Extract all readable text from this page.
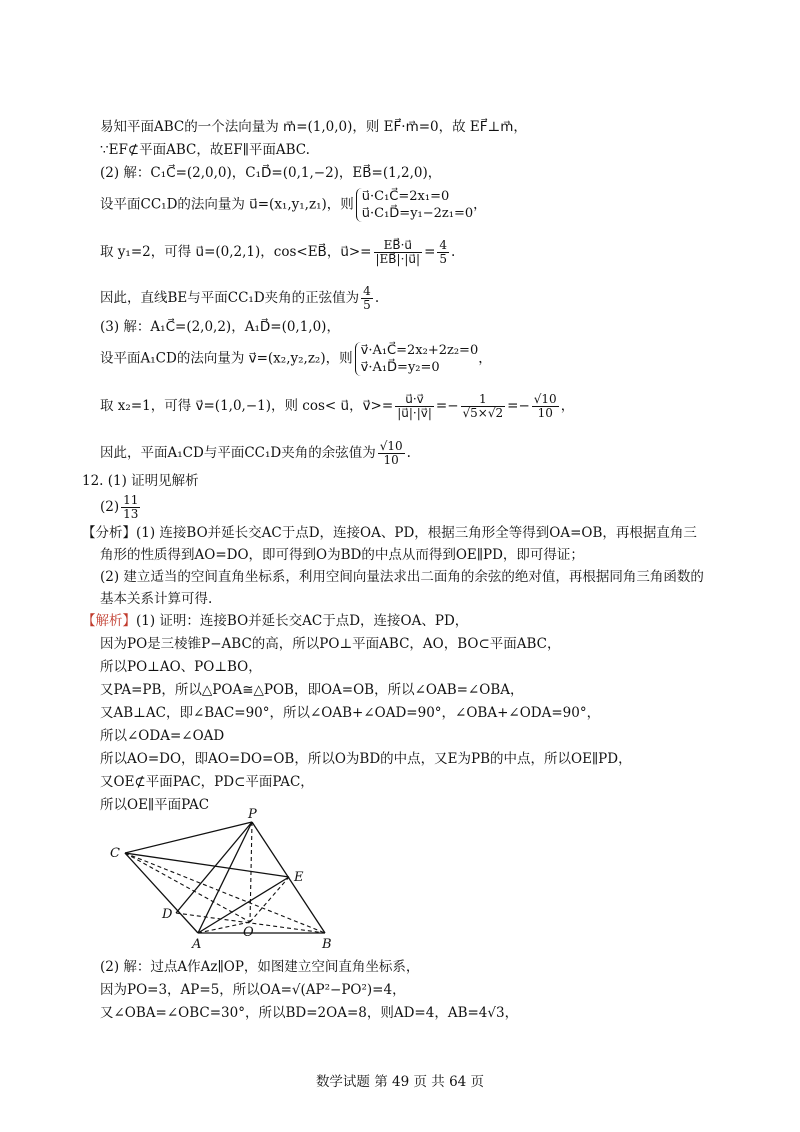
易知平面ABC的一个法向量为 m⃗=(1,0,0)，则 EF⃗·m⃗=0，故 EF⃗⊥m⃗，
∵EF⊄平面ABC，故EF∥平面ABC.
(2) 解：C₁C⃗=(2,0,0)，C₁D⃗=(0,1,−2)，EB⃗=(1,2,0)，
设平面CC₁D的法向量为 u⃗=(x₁,y₁,z₁)，则 u⃗·C₁C⃗=2x₁=0
u⃗·C₁D⃗=y₁−2z₁=0
，
取 y₁=2，可得 u⃗=(0,2,1)，cos<EB⃗，u⃗>= $\frac{EB⃗\cdot u⃗}{|EB⃗|\cdot|u⃗|} = \frac{4}{5}$ .
因此，直线BE与平面CC₁D夹角的正弦值为 $\frac{4}{5}$ .
(3) 解：A₁C⃗=(2,0,2)，A₁D⃗=(0,1,0)，
设平面A₁CD的法向量为 v⃗=(x₂,y₂,z₂)，则 v⃗·A₁C⃗=2x₂+2z₂=0
v⃗·A₁D⃗=y₂=0
，
取 x₂=1，可得 v⃗=(1,0,−1)，则 cos< u⃗，v⃗>= $\frac{u⃗\cdot v⃗}{|u⃗|\cdot|v⃗|} =- \frac{1}{√5\times√2} =- \frac{√10}{10}$ ，
因此，平面A₁CD与平面CC₁D夹角的余弦值为 $\frac{√10}{10}$ .
12. (1) 证明见解析
$(2) \frac{11}{13}$
【分析】(1) 连接BO并延长交AC于点D，连接OA、PD，根据三角形全等得到OA=OB，再根据直角三
角形的性质得到AO=DO，即可得到O为BD的中点从而得到OE∥PD，即可得证；
(2) 建立适当的空间直角坐标系，利用空间向量法求出二面角的余弦的绝对值，再根据同角三角函数的
基本关系计算可得.
【解析】(1) 证明：连接BO并延长交AC于点D，连接OA、PD，
因为PO是三棱锥P−ABC的高，所以PO⊥平面ABC，AO，BO⊂平面ABC，
所以PO⊥AO、PO⊥BO，
又PA=PB，所以△POA≅△POB，即OA=OB，所以∠OAB=∠OBA，
又AB⊥AC，即∠BAC=90°，所以∠OAB+∠OAD=90°，∠OBA+∠ODA=90°，
所以∠ODA=∠OAD
所以AO=DO，即AO=DO=OB，所以O为BD的中点，又E为PB的中点，所以OE∥PD，
又OE⊄平面PAC，PD⊂平面PAC，
所以OE∥平面PAC
P
C
E
D
A
O
B
(2) 解：过点A作Az∥OP，如图建立空间直角坐标系，
因为PO=3，AP=5，所以OA=√(AP²−PO²)=4，
又∠OBA=∠OBC=30°，所以BD=2OA=8，则AD=4，AB=4√3，
数学试题 第 49 页 共 64 页
